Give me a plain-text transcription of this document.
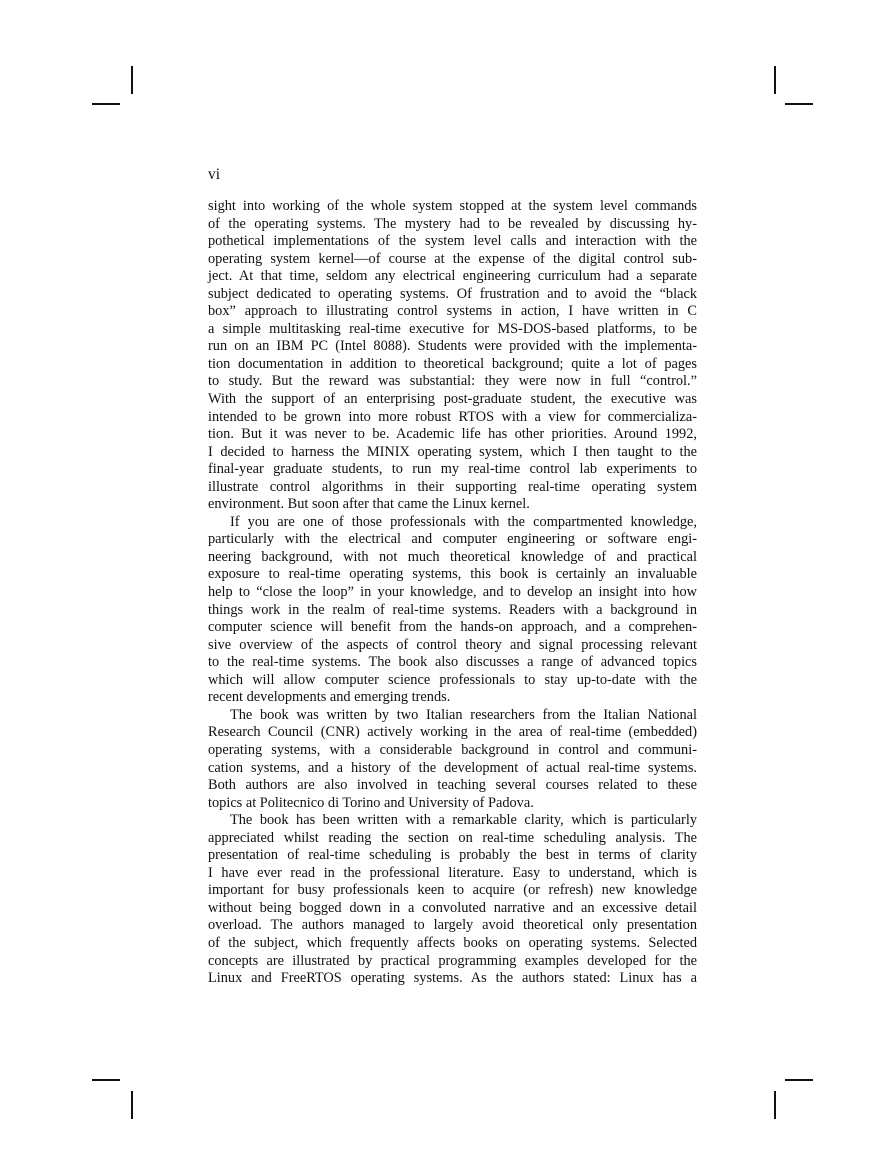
vi
sight into working of the whole system stopped at the system level commands
of the operating systems. The mystery had to be revealed by discussing hy-
pothetical implementations of the system level calls and interaction with the
operating system kernel—of course at the expense of the digital control sub-
ject. At that time, seldom any electrical engineering curriculum had a separate
subject dedicated to operating systems. Of frustration and to avoid the “black
box” approach to illustrating control systems in action, I have written in C
a simple multitasking real-time executive for MS-DOS-based platforms, to be
run on an IBM PC (Intel 8088). Students were provided with the implementa-
tion documentation in addition to theoretical background; quite a lot of pages
to study. But the reward was substantial: they were now in full “control.”
With the support of an enterprising post-graduate student, the executive was
intended to be grown into more robust RTOS with a view for commercializa-
tion. But it was never to be. Academic life has other priorities. Around 1992,
I decided to harness the MINIX operating system, which I then taught to the
final-year graduate students, to run my real-time control lab experiments to
illustrate control algorithms in their supporting real-time operating system
environment. But soon after that came the Linux kernel.
If you are one of those professionals with the compartmented knowledge,
particularly with the electrical and computer engineering or software engi-
neering background, with not much theoretical knowledge of and practical
exposure to real-time operating systems, this book is certainly an invaluable
help to “close the loop” in your knowledge, and to develop an insight into how
things work in the realm of real-time systems. Readers with a background in
computer science will benefit from the hands-on approach, and a comprehen-
sive overview of the aspects of control theory and signal processing relevant
to the real-time systems. The book also discusses a range of advanced topics
which will allow computer science professionals to stay up-to-date with the
recent developments and emerging trends.
The book was written by two Italian researchers from the Italian National
Research Council (CNR) actively working in the area of real-time (embedded)
operating systems, with a considerable background in control and communi-
cation systems, and a history of the development of actual real-time systems.
Both authors are also involved in teaching several courses related to these
topics at Politecnico di Torino and University of Padova.
The book has been written with a remarkable clarity, which is particularly
appreciated whilst reading the section on real-time scheduling analysis. The
presentation of real-time scheduling is probably the best in terms of clarity
I have ever read in the professional literature. Easy to understand, which is
important for busy professionals keen to acquire (or refresh) new knowledge
without being bogged down in a convoluted narrative and an excessive detail
overload. The authors managed to largely avoid theoretical only presentation
of the subject, which frequently affects books on operating systems. Selected
concepts are illustrated by practical programming examples developed for the
Linux and FreeRTOS operating systems. As the authors stated: Linux has a
